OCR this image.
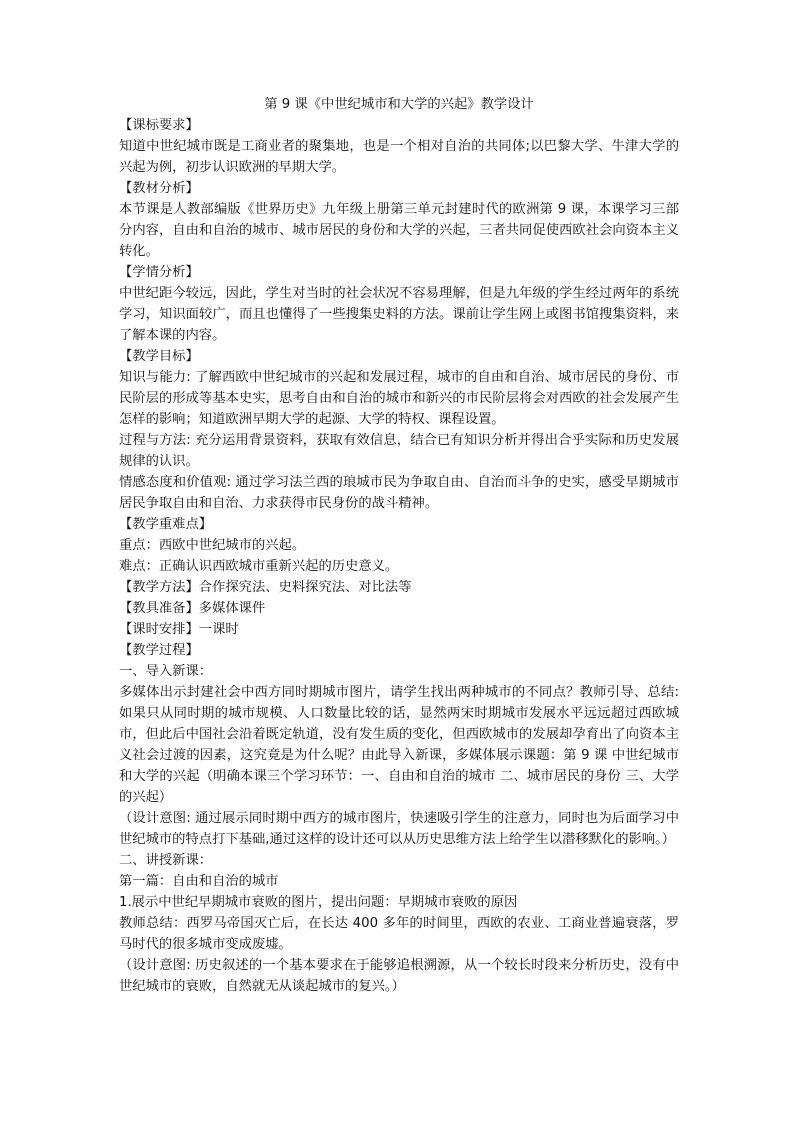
第 9 课《中世纪城市和大学的兴起》教学设计

【课标要求】

知道中世纪城市既是工商业者的聚集地，也是一个相对自治的共同体;以巴黎大学、牛津大学的兴起为例，初步认识欧洲的早期大学。

【教材分析】

本节课是人教部编版《世界历史》九年级上册第三单元封建时代的欧洲第 9 课，本课学习三部分内容，自由和自治的城市、城市居民的身份和大学的兴起，三者共同促使西欧社会向资本主义转化。

【学情分析】

中世纪距今较远，因此，学生对当时的社会状况不容易理解，但是九年级的学生经过两年的系统学习，知识面较广，而且也懂得了一些搜集史料的方法。课前让学生网上或图书馆搜集资料，来了解本课的内容。

【教学目标】

知识与能力: 了解西欧中世纪城市的兴起和发展过程，城市的自由和自治、城市居民的身份、市民阶层的形成等基本史实，思考自由和自治的城市和新兴的市民阶层将会对西欧的社会发展产生怎样的影响；知道欧洲早期大学的起源、大学的特权、课程设置。

过程与方法: 充分运用背景资料，获取有效信息，结合已有知识分析并得出合乎实际和历史发展规律的认识。

情感态度和价值观: 通过学习法兰西的琅城市民为争取自由、自治而斗争的史实，感受早期城市居民争取自由和自治、力求获得市民身份的战斗精神。

【教学重难点】

重点：西欧中世纪城市的兴起。

难点：正确认识西欧城市重新兴起的历史意义。

【教学方法】合作探究法、史料探究法、对比法等

【教具准备】多媒体课件

【课时安排】一课时

【教学过程】

一、导入新课：

多媒体出示封建社会中西方同时期城市图片，请学生找出两种城市的不同点？教师引导、总结: 如果只从同时期的城市规模、人口数量比较的话，显然两宋时期城市发展水平远远超过西欧城市，但此后中国社会沿着既定轨道，没有发生质的变化，但西欧城市的发展却孕育出了向资本主义社会过渡的因素，这究竟是为什么呢？由此导入新课，多媒体展示课题：第 9 课 中世纪城市和大学的兴起（明确本课三个学习环节：一、自由和自治的城市 二、城市居民的身份 三、大学的兴起）

（设计意图: 通过展示同时期中西方的城市图片，快速吸引学生的注意力，同时也为后面学习中世纪城市的特点打下基础,通过这样的设计还可以从历史思维方法上给学生以潜移默化的影响。）

二、讲授新课：

第一篇：自由和自治的城市

1.展示中世纪早期城市衰败的图片，提出问题：早期城市衰败的原因

教师总结：西罗马帝国灭亡后，在长达 400 多年的时间里，西欧的农业、工商业普遍衰落，罗马时代的很多城市变成废墟。

（设计意图: 历史叙述的一个基本要求在于能够追根溯源，从一个较长时段来分析历史，没有中世纪城市的衰败，自然就无从谈起城市的复兴。）
